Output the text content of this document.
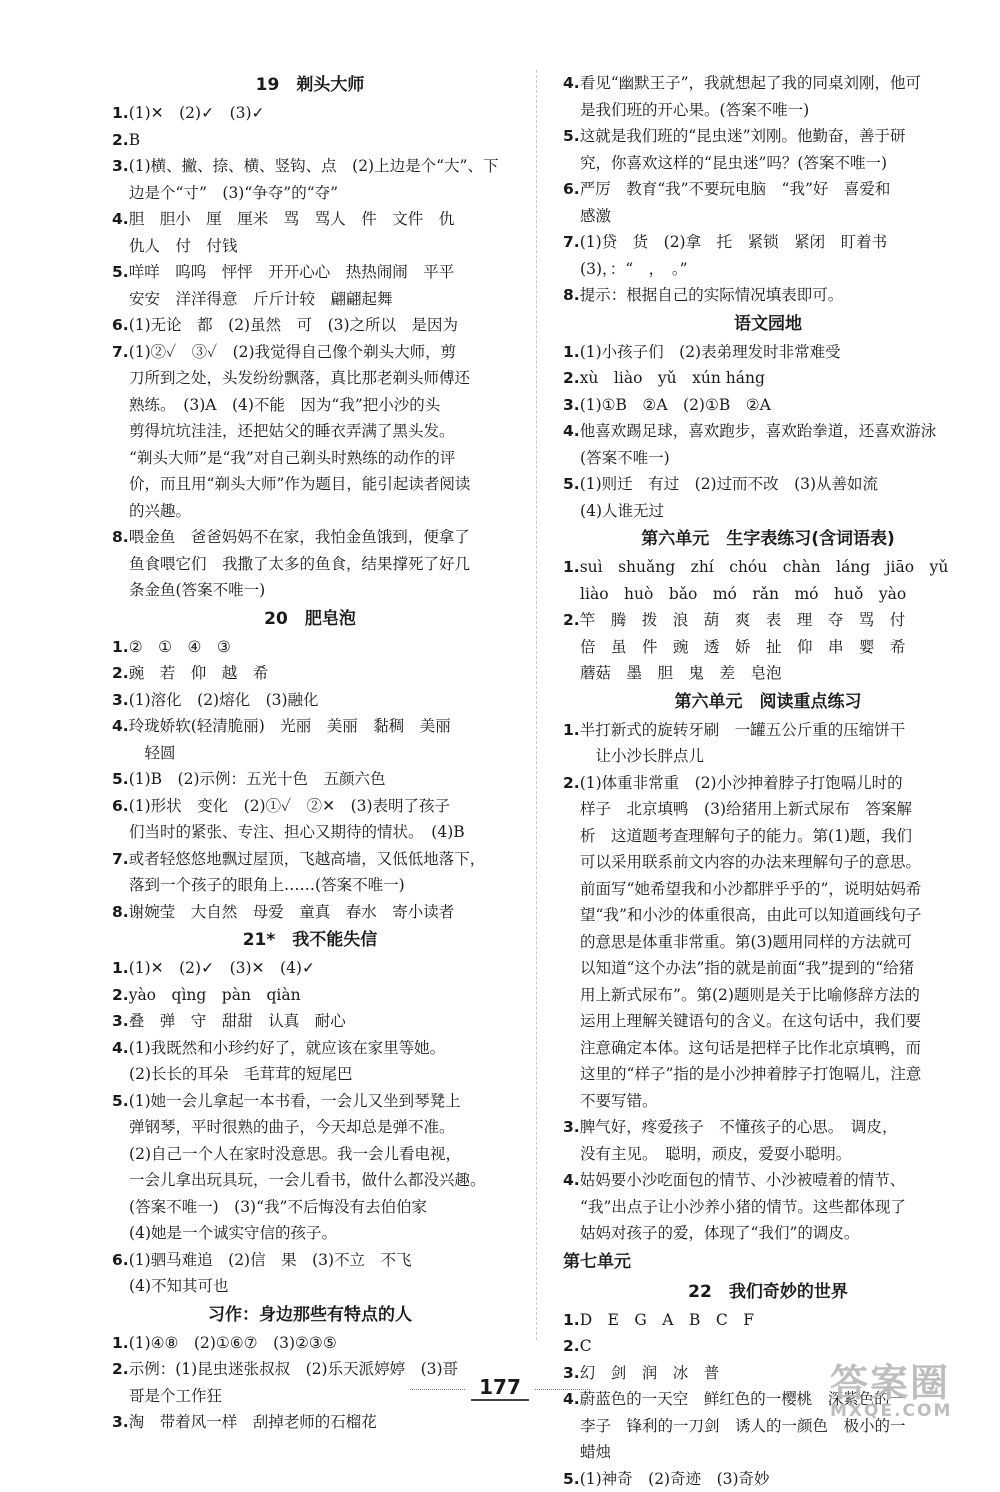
19　剃头大师
1.(1)✕　(2)✓　(3)✓
2.B
3.(1)横、撇、捺、横、竖钩、点　(2)上边是个“大”、下
边是个“寸”　(3)“争夺”的“夺”
4.胆　胆小　厘　厘米　骂　骂人　件　文件　仇
仇人　付　付钱
5.咩咩　呜呜　怦怦　开开心心　热热闹闹　平平
安安　洋洋得意　斤斤计较　翩翩起舞
6.(1)无论　都　(2)虽然　可　(3)之所以　是因为
7.(1)②✓　③✓　(2)我觉得自己像个剃头大师，剪
刀所到之处，头发纷纷飘落，真比那老剃头师傅还
熟练。　(3)A　(4)不能　因为“我”把小沙的头
剪得坑坑洼洼，还把姑父的睡衣弄满了黑头发。
“剃头大师”是“我”对自己剃头时熟练的动作的评
价，而且用“剃头大师”作为题目，能引起读者阅读
的兴趣。
8.喂金鱼　爸爸妈妈不在家，我怕金鱼饿到，便拿了
鱼食喂它们　我撒了太多的鱼食，结果撑死了好几
条金鱼(答案不唯一)
20　肥皂泡
1.②　①　④　③
2.豌　若　仰　越　希
3.(1)溶化　(2)熔化　(3)融化
4.玲珑娇软(轻清脆丽)　光丽　美丽　黏稠　美丽
　轻圆
5.(1)B　(2)示例：五光十色　五颜六色
6.(1)形状　变化　(2)①✓　②✕　(3)表明了孩子
们当时的紧张、专注、担心又期待的情状。　(4)B
7.或者轻悠悠地飘过屋顶，飞越高墙，又低低地落下，
落到一个孩子的眼角上……(答案不唯一)
8.谢婉莹　大自然　母爱　童真　春水　寄小读者
21*　我不能失信
1.(1)✕　(2)✓　(3)✕　(4)✓
2.yào　qìng　pàn　qiàn
3.叠　弹　守　甜甜　认真　耐心
4.(1)我既然和小珍约好了，就应该在家里等她。
(2)长长的耳朵　毛茸茸的短尾巴
5.(1)她一会儿拿起一本书看，一会儿又坐到琴凳上
弹钢琴，平时很熟的曲子，今天却总是弹不准。
(2)自己一个人在家时没意思。我一会儿看电视，
一会儿拿出玩具玩，一会儿看书，做什么都没兴趣。
(答案不唯一)　(3)“我”不后悔没有去伯伯家
(4)她是一个诚实守信的孩子。
6.(1)驷马难追　(2)信　果　(3)不立　不飞
(4)不知其可也
习作：身边那些有特点的人
1.(1)④⑧　(2)①⑥⑦　(3)②③⑤
2.示例：(1)昆虫迷张叔叔　(2)乐天派婷婷　(3)哥
哥是个工作狂
3.淘　带着风一样　刮掉老师的石榴花
4.看见“幽默王子”，我就想起了我的同桌刘刚，他可
是我们班的开心果。(答案不唯一)
5.这就是我们班的“昆虫迷”刘刚。他勤奋，善于研
究，你喜欢这样的“昆虫迷”吗？(答案不唯一)
6.严厉　教育“我”不要玩电脑　“我”好　喜爱和
感激
7.(1)贷　货　(2)拿　托　紧锁　紧闭　盯着书
(3)，：“　，　。”
8.提示：根据自己的实际情况填表即可。
语文园地
1.(1)小孩子们　(2)表弟理发时非常难受
2.xù　liào　yǔ　xún háng
3.(1)①B　②A　(2)①B　②A
4.他喜欢踢足球，喜欢跑步，喜欢跆拳道，还喜欢游泳
(答案不唯一)
5.(1)则迁　有过　(2)过而不改　(3)从善如流
(4)人谁无过
第六单元　生字表练习(含词语表)
1.suì　shuǎng　zhí　chóu　chàn　láng　jiāo　yǔ
liào　huò　bǎo　mó　rǎn　mó　huǒ　yào
2.竿　腾　拨　浪　葫　爽　表　理　夺　骂　付
倍　虽　件　豌　透　娇　扯　仰　串　婴　希
蘑菇　墨　胆　鬼　差　皂泡
第六单元　阅读重点练习
1.半打新式的旋转牙刷　一罐五公斤重的压缩饼干
　让小沙长胖点儿
2.(1)体重非常重　(2)小沙抻着脖子打饱嗝儿时的
样子　北京填鸭　(3)给猪用上新式尿布　答案解
析　这道题考查理解句子的能力。第(1)题，我们
可以采用联系前文内容的办法来理解句子的意思。
前面写“她希望我和小沙都胖乎乎的”，说明姑妈希
望“我”和小沙的体重很高，由此可以知道画线句子
的意思是体重非常重。第(3)题用同样的方法就可
以知道“这个办法”指的就是前面“我”提到的“给猪
用上新式尿布”。第(2)题则是关于比喻修辞方法的
运用上理解关键语句的含义。在这句话中，我们要
注意确定本体。这句话是把样子比作北京填鸭，而
这里的“样子”指的是小沙抻着脖子打饱嗝儿，注意
不要写错。
3.脾气好，疼爱孩子　不懂孩子的心思。　调皮，
没有主见。　聪明，顽皮，爱耍小聪明。
4.姑妈要小沙吃面包的情节、小沙被噎着的情节、
“我”出点子让小沙养小猪的情节。这些都体现了
姑妈对孩子的爱，体现了“我们”的调皮。
第七单元
22　我们奇妙的世界
1.D　E　G　A　B　C　F
2.C
3.幻　剑　润　冰　普
4.蔚蓝色的一天空　鲜红色的一樱桃　深紫色的一
李子　锋利的一刀剑　诱人的一颜色　极小的一
蜡烛
5.(1)神奇　(2)奇迹　(3)奇妙
177	答案圈
MXQE.COM
